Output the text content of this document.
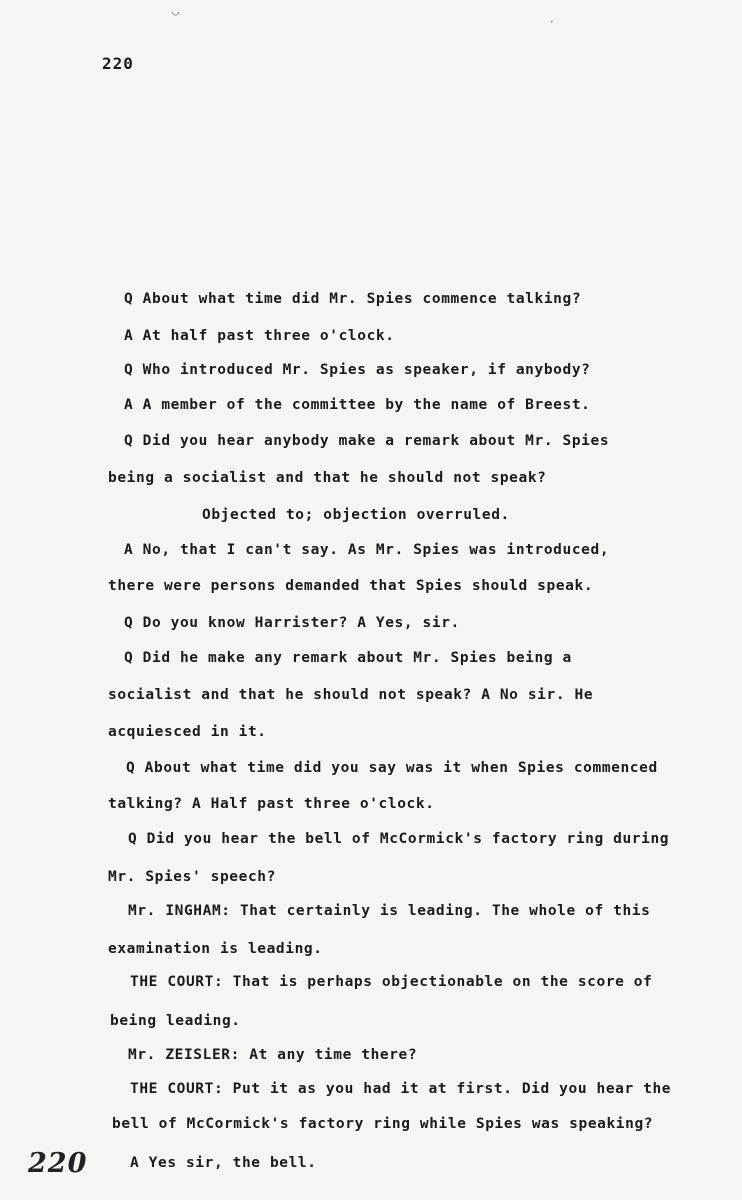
◡	ˏ
220
Q About what time did Mr. Spies commence talking?
A At half past three o'clock.
Q Who introduced Mr. Spies as speaker, if anybody?
A A member of the committee by the name of Breest.
Q Did you hear anybody make a remark about Mr. Spies
being a socialist and that he should not speak?
Objected to; objection overruled.
A No, that I can't say. As Mr. Spies was introduced,
there were persons demanded that Spies should speak.
Q Do you know Harrister? A Yes, sir.
Q Did he make any remark about Mr. Spies being a
socialist and that he should not speak? A No sir. He
acquiesced in it.
Q About what time did you say was it when Spies commenced
talking? A Half past three o'clock.
Q Did you hear the bell of McCormick's factory ring during
Mr. Spies' speech?
Mr. INGHAM: That certainly is leading. The whole of this
examination is leading.
THE COURT: That is perhaps objectionable on the score of
being leading.
Mr. ZEISLER: At any time there?
THE COURT: Put it as you had it at first. Did you hear the
bell of McCormick's factory ring while Spies was speaking?
A Yes sir, the bell.
220
